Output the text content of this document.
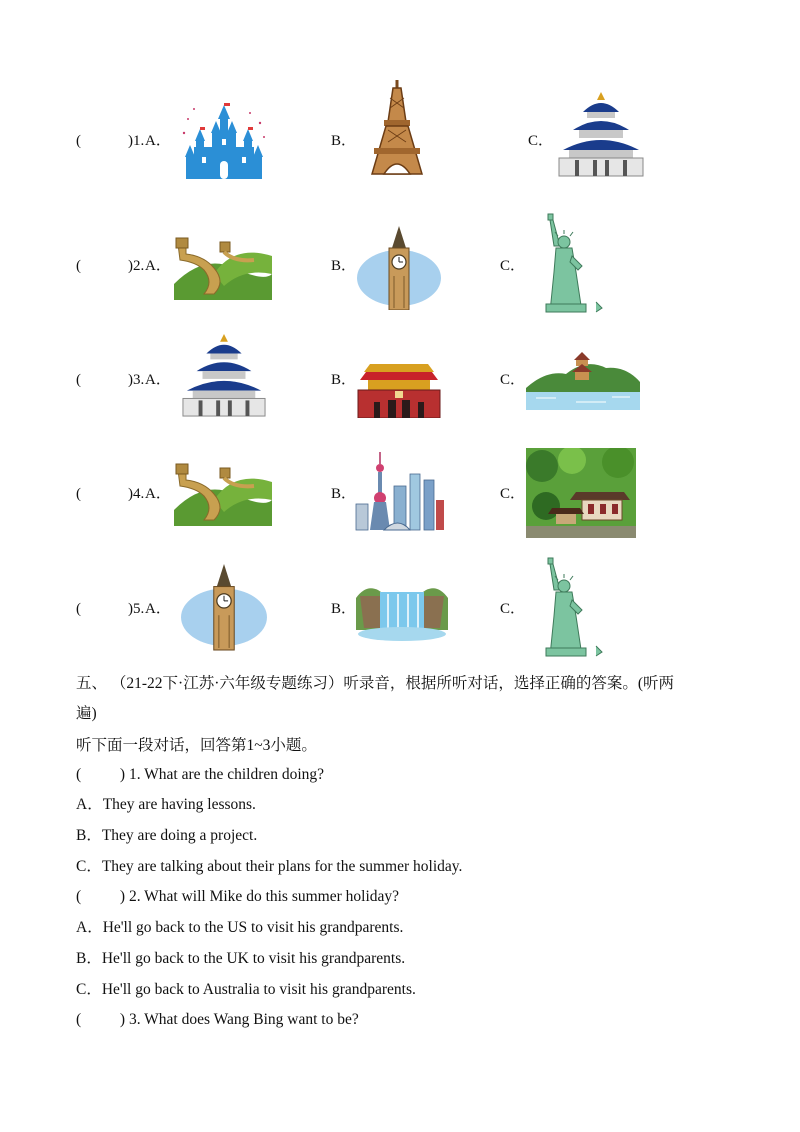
(	) 1. A．	B．	C．
(	) 2. A．	B．	C．
(	) 3. A．	B．	C．
(	) 4. A．	B．	C．
(	) 5. A．	B．	C．
五、 （21-22下·江苏·六年级专题练习）听录音，根据所听对话，选择正确的答案。(听两
遍)
听下面一段对话，回答第1~3小题。
(          ) 1. What are the children doing?
A．They are having lessons.
B．They are doing a project.
C．They are talking about their plans for the summer holiday.
(          ) 2. What will Mike do this summer holiday?
A．He'll go back to the US to visit his grandparents.
B．He'll go back to the UK to visit his grandparents.
C．He'll go back to Australia to visit his grandparents.
(          ) 3. What does Wang Bing want to be?
